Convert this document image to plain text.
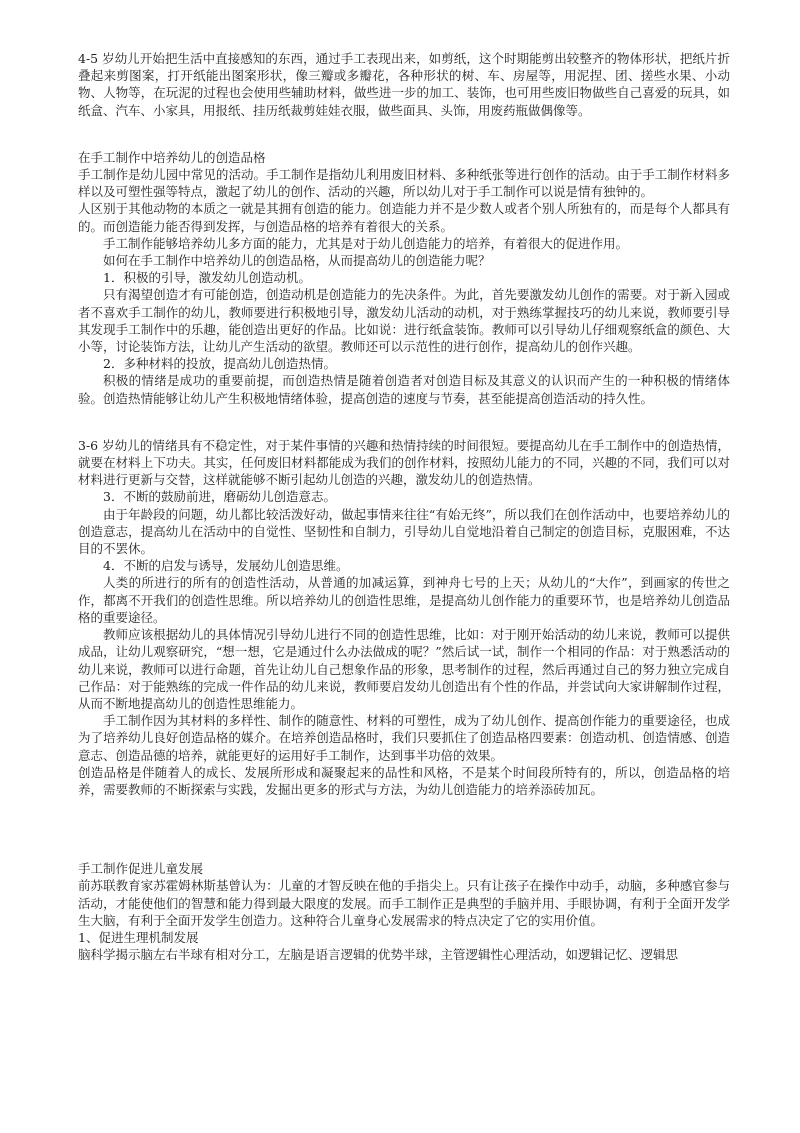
4-5 岁幼儿开始把生活中直接感知的东西，通过手工表现出来，如剪纸，这个时期能剪出较整齐的物体形状，把纸片折叠起来剪图案，打开纸能出图案形状，像三瓣或多瓣花，各种形状的树、车、房屋等，用泥捏、团、搓些水果、小动物、人物等，在玩泥的过程也会使用些辅助材料，做些进一步的加工、装饰，也可用些废旧物做些自己喜爱的玩具，如纸盒、汽车、小家具，用报纸、挂历纸裁剪娃娃衣服，做些面具、头饰，用废药瓶做偶像等。

在手工制作中培养幼儿的创造品格

手工制作是幼儿园中常见的活动。手工制作是指幼儿利用废旧材料、多种纸张等进行创作的活动。由于手工制作材料多样以及可塑性强等特点，激起了幼儿的创作、活动的兴趣，所以幼儿对于手工制作可以说是情有独钟的。

人区别于其他动物的本质之一就是其拥有创造的能力。创造能力并不是少数人或者个别人所独有的，而是每个人都具有的。而创造能力能否得到发挥，与创造品格的培养有着很大的关系。

手工制作能够培养幼儿多方面的能力，尤其是对于幼儿创造能力的培养，有着很大的促进作用。

如何在手工制作中培养幼儿的创造品格，从而提高幼儿的创造能力呢？

1．积极的引导，激发幼儿创造动机。

只有渴望创造才有可能创造，创造动机是创造能力的先决条件。为此，首先要激发幼儿创作的需要。对于新入园或者不喜欢手工制作的幼儿，教师要进行积极地引导，激发幼儿活动的动机，对于熟练掌握技巧的幼儿来说，教师要引导其发现手工制作中的乐趣，能创造出更好的作品。比如说：进行纸盒装饰。教师可以引导幼儿仔细观察纸盒的颜色、大小等，讨论装饰方法，让幼儿产生活动的欲望。教师还可以示范性的进行创作，提高幼儿的创作兴趣。

2．多种材料的投放，提高幼儿创造热情。

积极的情绪是成功的重要前提，而创造热情是随着创造者对创造目标及其意义的认识而产生的一种积极的情绪体验。创造热情能够让幼儿产生积极地情绪体验，提高创造的速度与节奏，甚至能提高创造活动的持久性。

3-6 岁幼儿的情绪具有不稳定性，对于某件事情的兴趣和热情持续的时间很短。要提高幼儿在手工制作中的创造热情，就要在材料上下功夫。其实，任何废旧材料都能成为我们的创作材料，按照幼儿能力的不同，兴趣的不同，我们可以对材料进行更新与交替，这样就能够不断引起幼儿创造的兴趣，激发幼儿的创造热情。

3．不断的鼓励前进，磨砺幼儿创造意志。

由于年龄段的问题，幼儿都比较活泼好动，做起事情来往往“有始无终”，所以我们在创作活动中，也要培养幼儿的创造意志，提高幼儿在活动中的自觉性、坚韧性和自制力，引导幼儿自觉地沿着自己制定的创造目标，克服困难，不达目的不罢休。

4．不断的启发与诱导，发展幼儿创造思维。

人类的所进行的所有的创造性活动，从普通的加减运算，到神舟七号的上天；从幼儿的“大作”，到画家的传世之作，都离不开我们的创造性思维。所以培养幼儿的创造性思维，是提高幼儿创作能力的重要环节，也是培养幼儿创造品格的重要途径。

教师应该根据幼儿的具体情况引导幼儿进行不同的创造性思维，比如：对于刚开始活动的幼儿来说，教师可以提供成品，让幼儿观察研究，“想一想，它是通过什么办法做成的呢？”然后试一试，制作一个相同的作品：对于熟悉活动的幼儿来说，教师可以进行命题，首先让幼儿自己想象作品的形象，思考制作的过程，然后再通过自己的努力独立完成自己作品：对于能熟练的完成一件作品的幼儿来说，教师要启发幼儿创造出有个性的作品，并尝试向大家讲解制作过程，从而不断地提高幼儿的创造性思维能力。

手工制作因为其材料的多样性、制作的随意性、材料的可塑性，成为了幼儿创作、提高创作能力的重要途径，也成为了培养幼儿良好创造品格的媒介。在培养创造品格时，我们只要抓住了创造品格四要素：创造动机、创造情感、创造意志、创造品德的培养，就能更好的运用好手工制作，达到事半功倍的效果。

创造品格是伴随着人的成长、发展所形成和凝聚起来的品性和风格，不是某个时间段所特有的，所以，创造品格的培养，需要教师的不断探索与实践，发掘出更多的形式与方法，为幼儿创造能力的培养添砖加瓦。

手工制作促进儿童发展

前苏联教育家苏霍姆林斯基曾认为：儿童的才智反映在他的手指尖上。只有让孩子在操作中动手，动脑，多种感官参与活动，才能使他们的智慧和能力得到最大限度的发展。而手工制作正是典型的手脑并用、手眼协调，有利于全面开发学生大脑，有利于全面开发学生创造力。这种符合儿童身心发展需求的特点决定了它的实用价值。

1、促进生理机制发展

脑科学揭示脑左右半球有相对分工，左脑是语言逻辑的优势半球，主管逻辑性心理活动，如逻辑记忆、逻辑思
